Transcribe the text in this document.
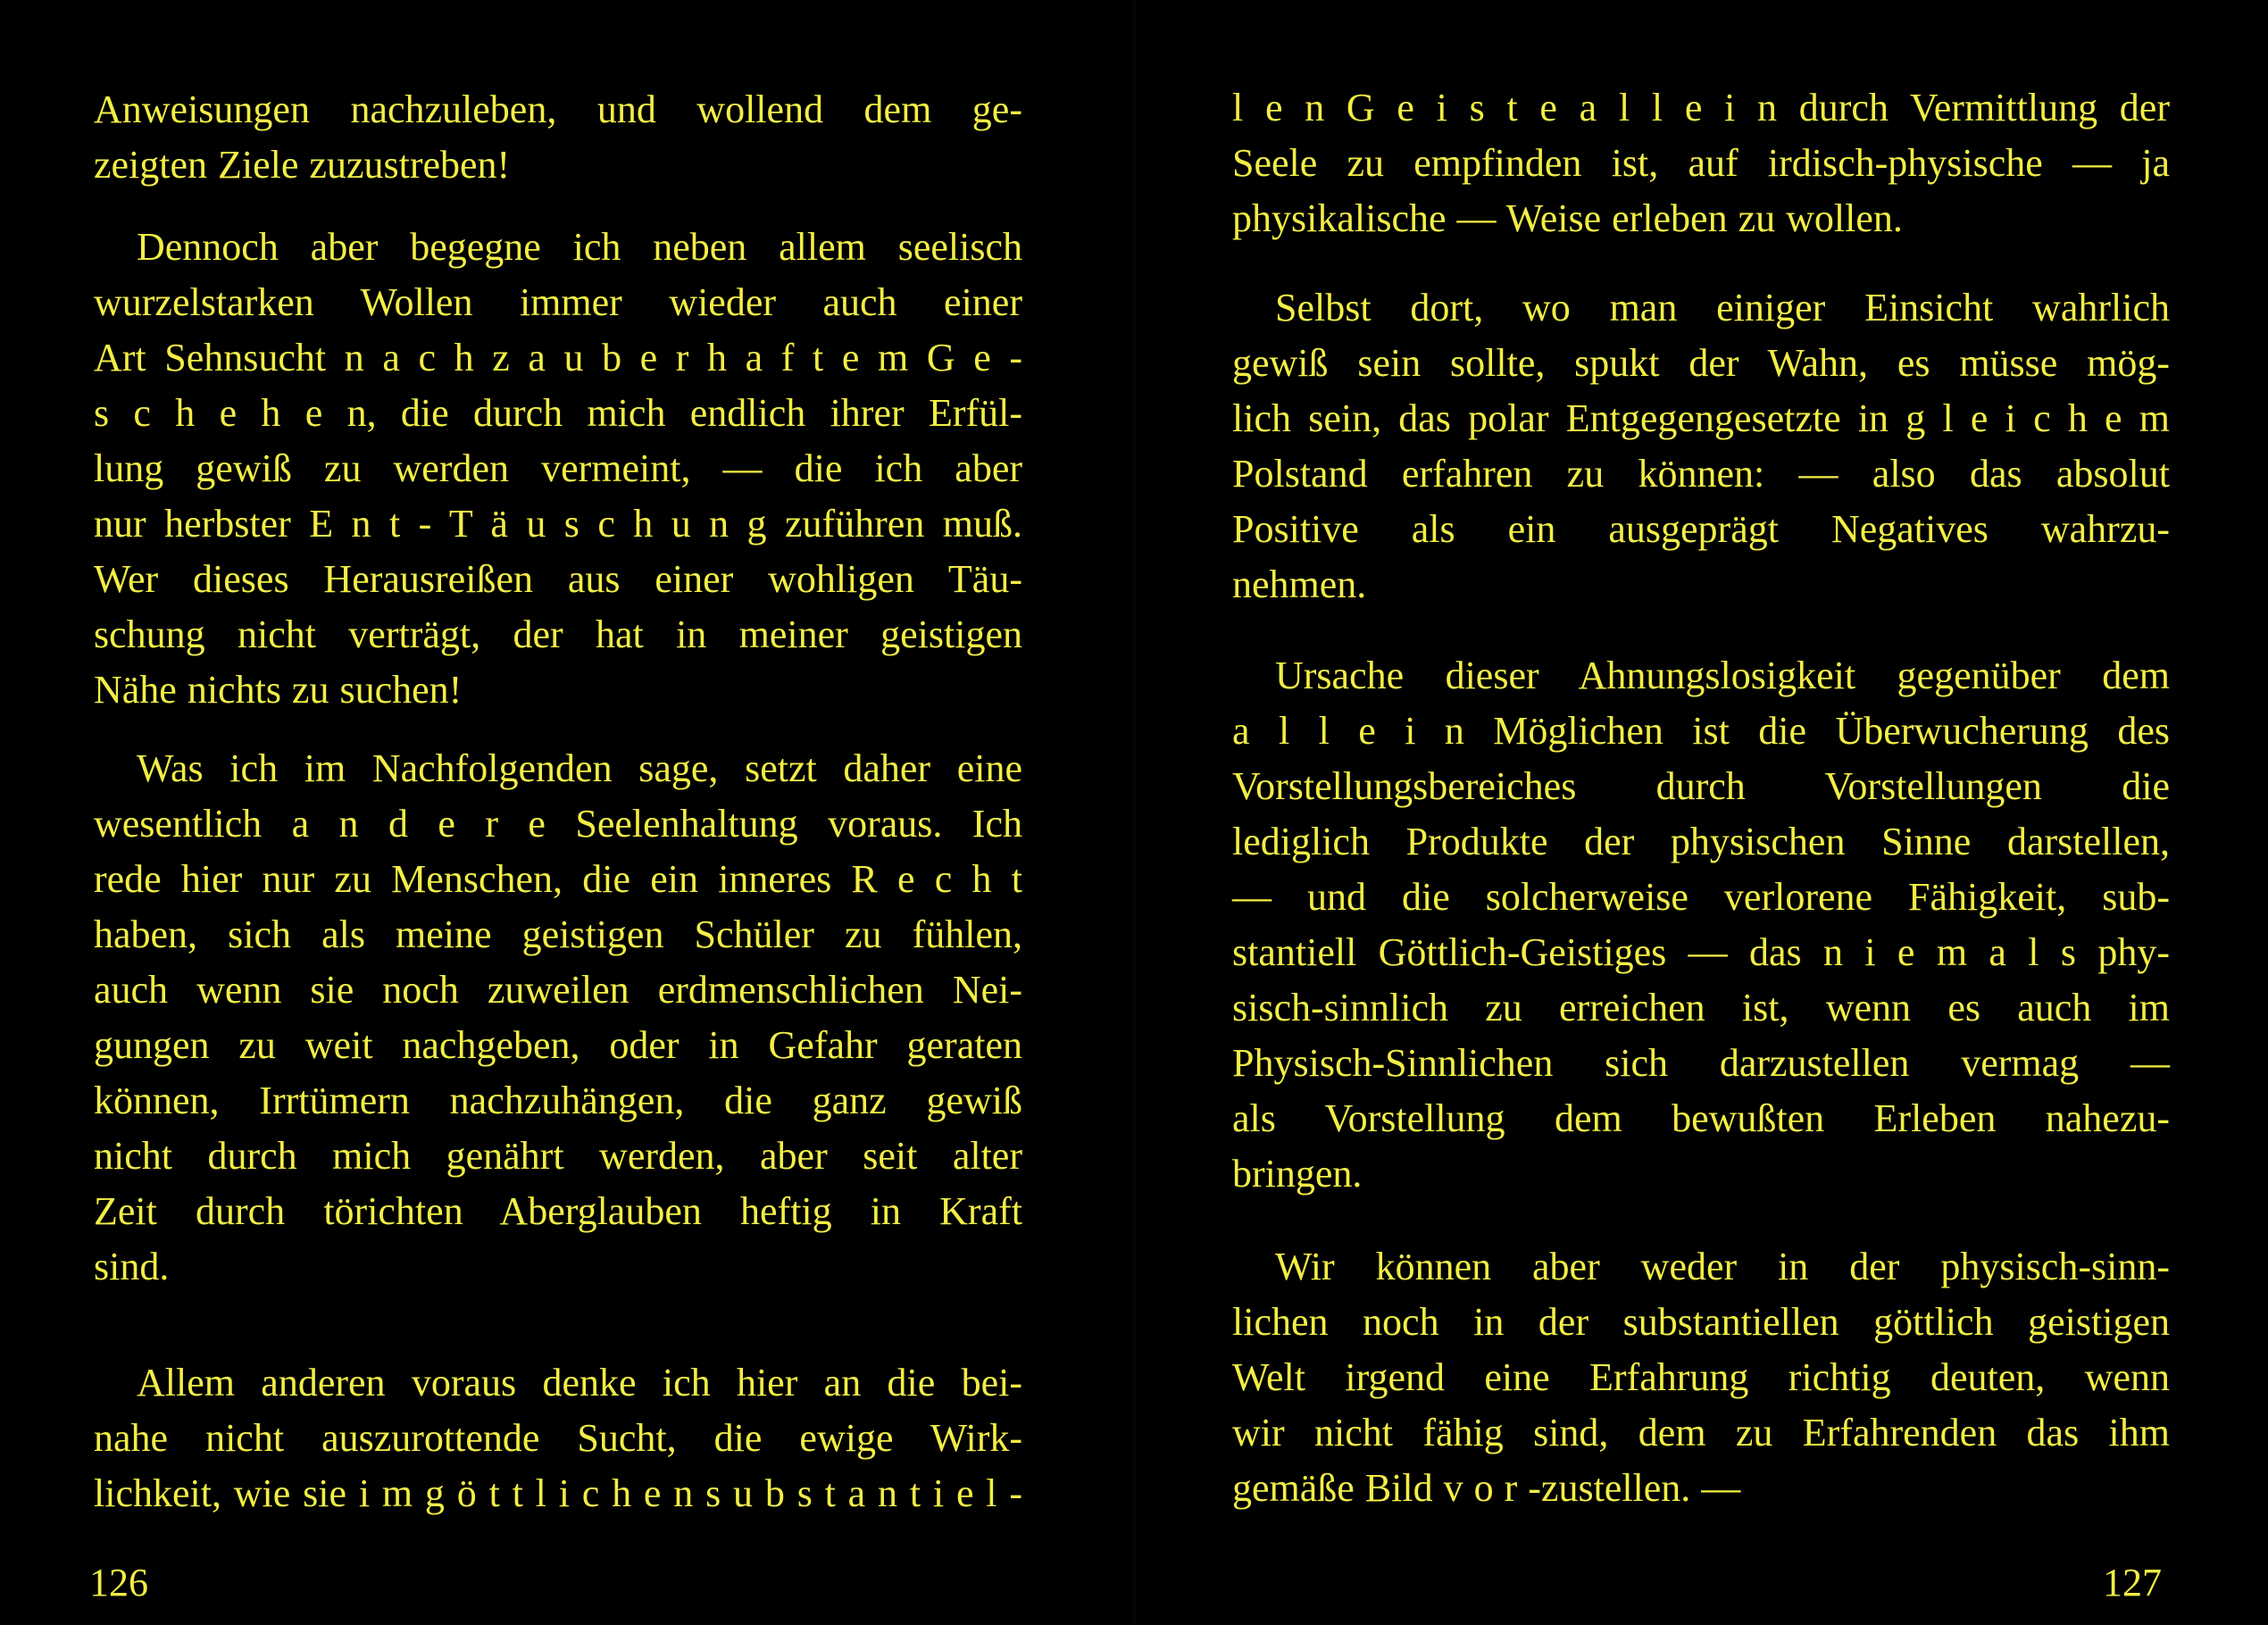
Anweisungen nachzuleben, und wollend dem ge-
zeigten Ziele zuzustreben!
Dennoch aber begegne ich neben allem seelisch
wurzelstarken Wollen immer wieder auch einer
Art Sehnsucht n a c h z a u b e r h a f t e m G e -
s c h e h e n, die durch mich endlich ihrer Erfül-
lung gewiß zu werden vermeint, — die ich aber
nur herbster E n t - T ä u s c h u n g zuführen muß.
Wer dieses Herausreißen aus einer wohligen Täu-
schung nicht verträgt, der hat in meiner geistigen
Nähe nichts zu suchen!
Was ich im Nachfolgenden sage, setzt daher eine
wesentlich a n d e r e Seelenhaltung voraus. Ich
rede hier nur zu Menschen, die ein inneres R e c h t
haben, sich als meine geistigen Schüler zu fühlen,
auch wenn sie noch zuweilen erdmenschlichen Nei-
gungen zu weit nachgeben, oder in Gefahr geraten
können, Irrtümern nachzuhängen, die ganz gewiß
nicht durch mich genährt werden, aber seit alter
Zeit durch törichten Aberglauben heftig in Kraft
sind.
Allem anderen voraus denke ich hier an die bei-
nahe nicht auszurottende Sucht, die ewige Wirk-
lichkeit, wie sie i m g ö t t l i c h e n s u b s t a n t i e l -
126
l e n G e i s t e a l l e i n durch Vermittlung der
Seele zu empfinden ist, auf irdisch-physische — ja
physikalische — Weise erleben zu wollen.
Selbst dort, wo man einiger Einsicht wahrlich
gewiß sein sollte, spukt der Wahn, es müsse mög-
lich sein, das polar Entgegengesetzte in g l e i c h e m
Polstand erfahren zu können: — also das absolut
Positive als ein ausgeprägt Negatives wahrzu-
nehmen.
Ursache dieser Ahnungslosigkeit gegenüber dem
a l l e i n Möglichen ist die Überwucherung des
Vorstellungsbereiches durch Vorstellungen die
lediglich Produkte der physischen Sinne darstellen,
— und die solcherweise verlorene Fähigkeit, sub-
stantiell Göttlich-Geistiges — das n i e m a l s phy-
sisch-sinnlich zu erreichen ist, wenn es auch im
Physisch-Sinnlichen sich darzustellen vermag —
als Vorstellung dem bewußten Erleben nahezu-
bringen.
Wir können aber weder in der physisch-sinn-
lichen noch in der substantiellen göttlich geistigen
Welt irgend eine Erfahrung richtig deuten, wenn
wir nicht fähig sind, dem zu Erfahrenden das ihm
gemäße Bild v o r -zustellen. —
127
